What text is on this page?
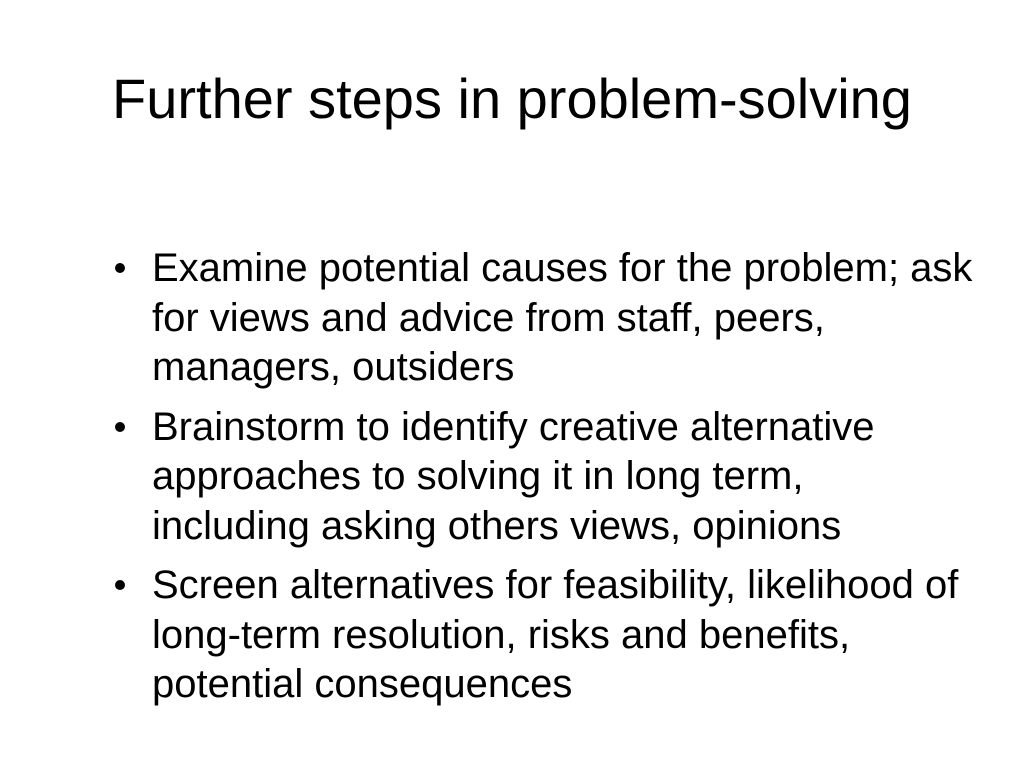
Further steps in problem-solving
Examine potential causes for the problem; ask
for views and advice from staff, peers,
managers, outsiders
Brainstorm to identify creative alternative
approaches to solving it in long term,
including asking others views, opinions
Screen alternatives for feasibility, likelihood of
long-term resolution, risks and benefits,
potential consequences
